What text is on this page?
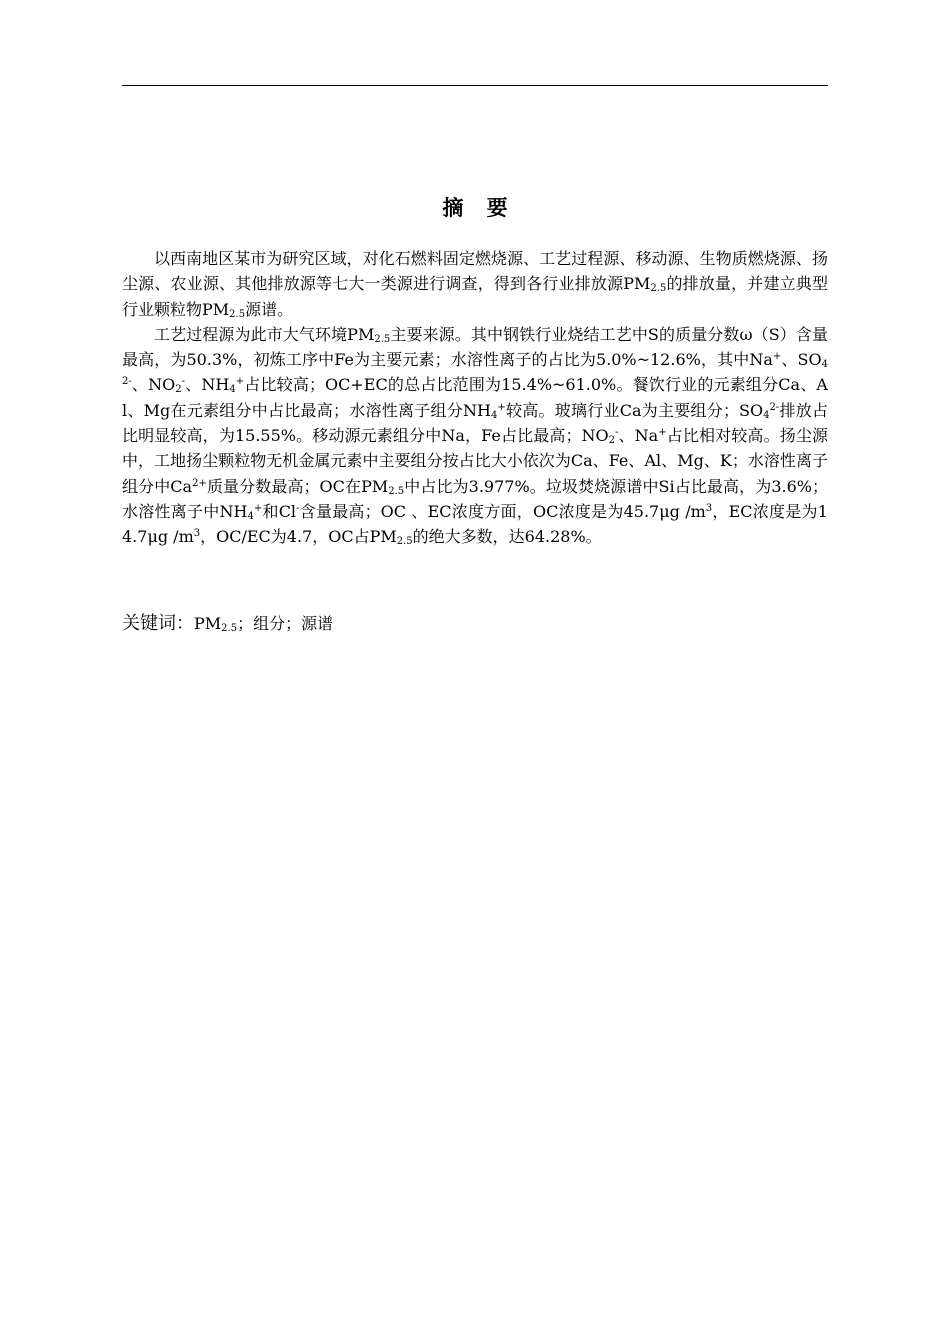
摘 要

以西南地区某市为研究区域，对化石燃料固定燃烧源、工艺过程源、移动源、生物质燃烧源、扬尘源、农业源、其他排放源等七大一类源进行调查，得到各行业排放源$PM_{2.5}$的排放量，并建立典型行业颗粒物$PM_{2.5}$源谱。

工艺过程源为此市大气环境$PM_{2.5}$主要来源。其中钢铁行业烧结工艺中S的质量分数ω（S）含量最高，为50.3%，初炼工序中Fe为主要元素；水溶性离子的占比为5.0%~12.6%，其中Na+、$SO_4^{2-}$、$NO_2^-$、$NH_4^+$占比较高；OC+EC的总占比范围为15.4%~61.0%。餐饮行业的元素组分Ca、Al、Mg在元素组分中占比最高；水溶性离子组分$NH_4^+$较高。玻璃行业Ca为主要组分；$SO_4^{2-}$排放占比明显较高，为15.55%。移动源元素组分中Na，Fe占比最高；$NO_2^-$、Na+占比相对较高。扬尘源中，工地扬尘颗粒物无机金属元素中主要组分按占比大小依次为Ca、Fe、Al、Mg、K；水溶性离子组分中$Ca^{2+}$质量分数最高；OC在$PM_{2.5}$中占比为3.977%。垃圾焚烧源谱中Si占比最高，为3.6%；水溶性离子中$NH_4^+$和Cl-含量最高；OC 、EC浓度方面，OC浓度是为45.7μg $/m^3$，EC浓度是为14.7μg $/m^3$，OC/EC为4.7，OC占$PM_{2.5}$的绝大多数，达64.28%。

关键词：$PM_{2.5}$；组分；源谱
